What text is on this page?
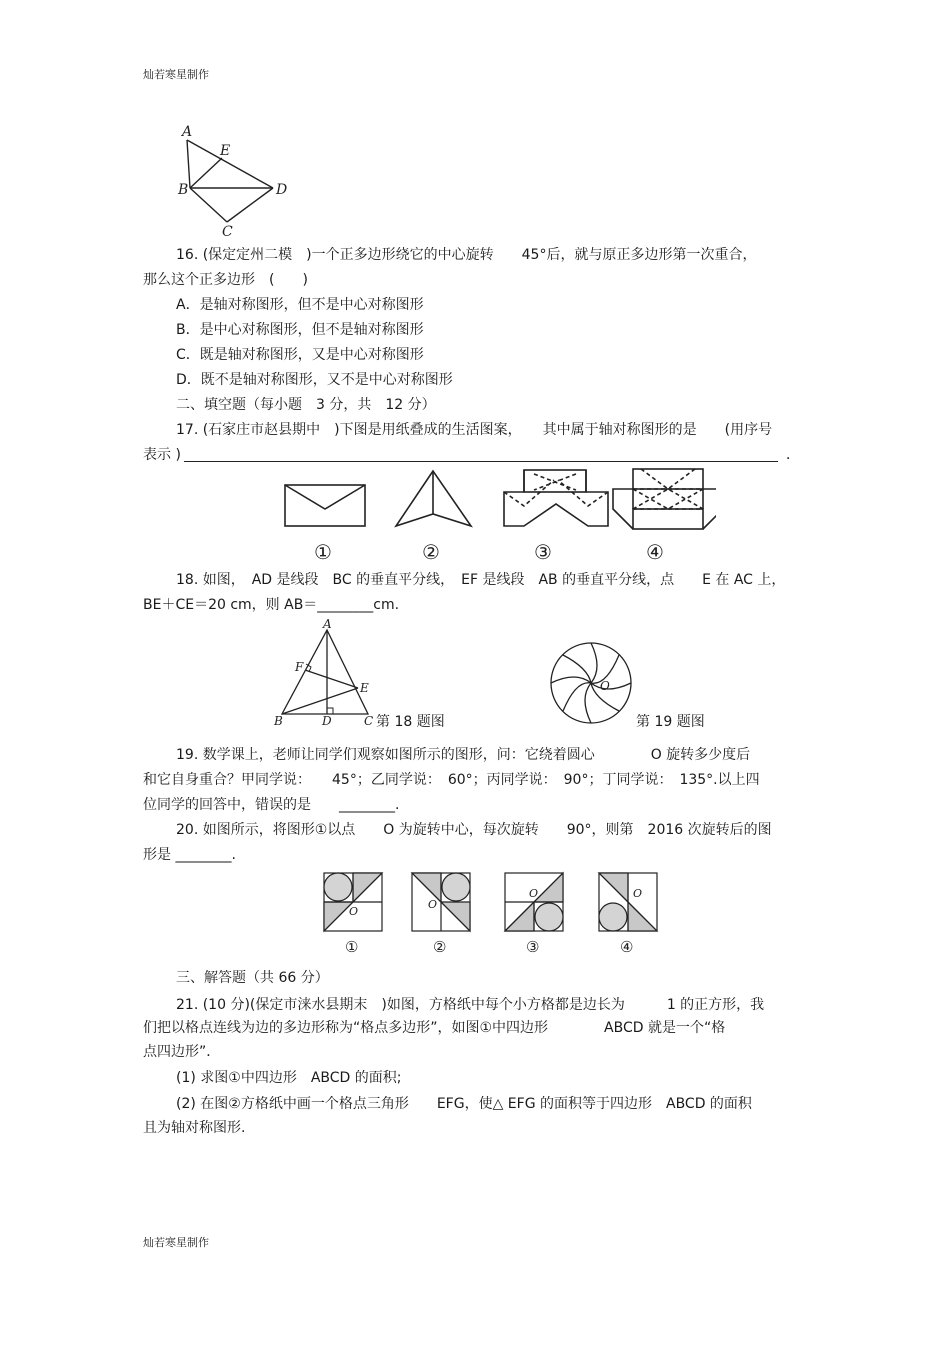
灿若寒星制作
灿若寒星制作
A
E
B	D
C
16. (保定定州二模　)一个正多边形绕它的中心旋转　　45°后，就与原正多边形第一次重合，
那么这个正多边形　(　　)
A．是轴对称图形，但不是中心对称图形
B．是中心对称图形，但不是轴对称图形
C．既是轴对称图形，又是中心对称图形
D．既不是轴对称图形，又不是中心对称图形
二、填空题（每小题　3 分，共　12 分）
17. (石家庄市赵县期中　)下图是用纸叠成的生活图案，　　其中属于轴对称图形的是　　(用序号
表示 )	．
①	②	③	④
18. 如图，　AD 是线段　BC 的垂直平分线，　EF 是线段　AB 的垂直平分线，点　　E 在 AC 上，
BE＋CE＝20 cm，则 AB＝________cm.
A
F
E
B	D	C 第 18 题图
O
第 19 题图
19. 数学课上，老师让同学们观察如图所示的图形，问：它绕着圆心　　　　O 旋转多少度后
和它自身重合？甲同学说：　　45°；乙同学说：　60°；丙同学说：　90°；丁同学说：　135°.以上四
位同学的回答中，错误的是　　________.
20. 如图所示，将图形①以点　　O 为旋转中心，每次旋转　　90°，则第　2016 次旋转后的图
形是 ________.
O
O
O	O
①	②	③	④
三、解答题（共 66 分）
21. (10 分)(保定市涞水县期末　)如图，方格纸中每个小方格都是边长为　　　1 的正方形，我
们把以格点连线为边的多边形称为“格点多边形”，如图①中四边形　　　　ABCD 就是一个“格
点四边形”．
(1) 求图①中四边形　ABCD 的面积;
(2) 在图②方格纸中画一个格点三角形　　EFG，使△ EFG 的面积等于四边形　ABCD 的面积
且为轴对称图形.
